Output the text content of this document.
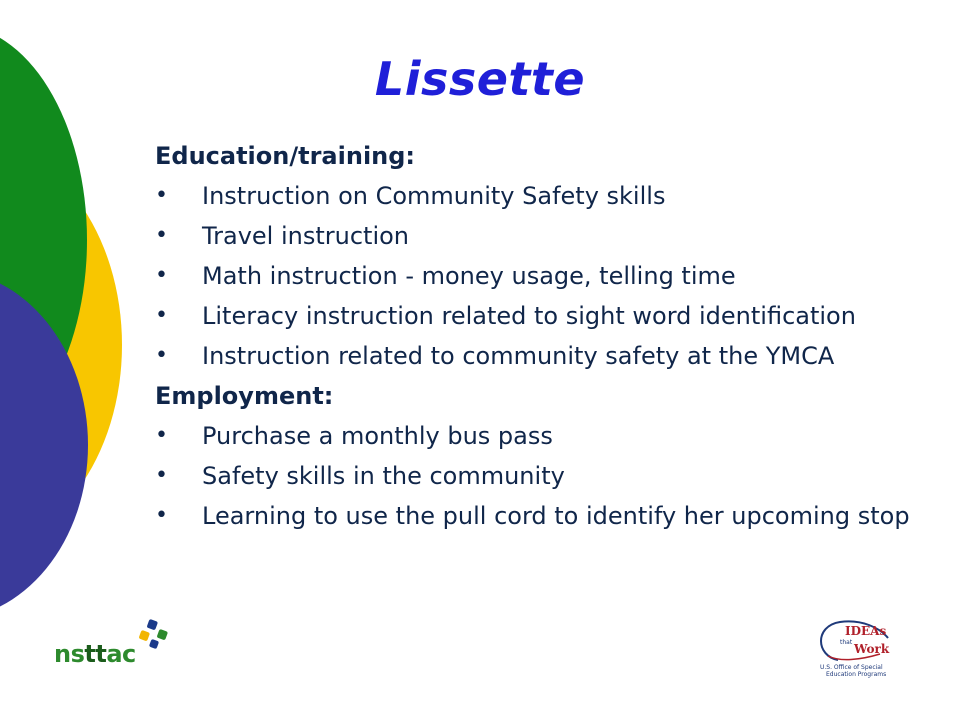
Lissette
Education/training:
• Instruction on Community Safety skills
• Travel instruction
• Math instruction - money usage, telling time
• Literacy instruction related to sight word identification
• Instruction related to community safety at the YMCA
Employment:
• Purchase a monthly bus pass
• Safety skills in the community
• Learning to use the pull cord to identify her upcoming stop
nsttac
IDEAs
that Work
U.S. Office of Special
Education Programs
